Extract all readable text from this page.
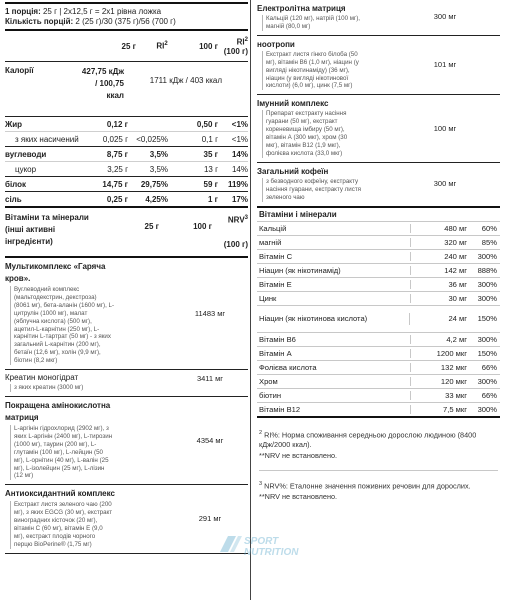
1 порція: 25 г | 2х12,5 г = 2х1 рівна ложка
Кількість порцій: 2 (25 г)/30 (375 г)/56 (700 г)
25 г	$RI^2$	100 г	$RI^2$
(100 г)
Калорії	427,75 кДж / 100,75 ккал
1711 кДж / 403 ккал
Жир	0,12 г	0,50 г	<1%
з яких насичений	0,025 г	<0,025%	0,1 г	<1%
вуглеводи	8,75 г	3,5%	35 г	14%
цукор	3,25 г	3,5%	13 г	14%
білок	14,75 г	29,75%	59 г	119%
сіль	0,25 г	4,25%	1 г	17%
Вітаміни та мінерали (інші активні інгредієнти)
25 г	100 г
NRV$^3$

(100 г)
Мультикомплекс «Гаряча кров».
Вуглеводний комплекс (мальтодекстрин, декстроза) (8061 мг), бета-аланін (1600 мг), L-цитрулін (1000 мг), малат (яблучна кислота) (500 мг), ацетил-L-карнітин (250 мг), L-карнітин L-тартрат (50 мг) - з яких загальний L-карнітин (200 мг), бетаїн (12,6 мг), холін (9,9 мг), біотин (8,2 мкг)
11483 мг
Креатин моногідрат	3411 мг
з яких креатин (3000 мг)
Покращена амінокислотна матриця
L-аргінін гідрохлорид (2902 мг), з яких L-аргінін (2400 мг), L-тирозин (1000 мг), таурин (200 мг), L-глутамін (100 мг), L-лейцин (50 мг), L-орнітин (40 мг), L-валін (25 мг), L-ізолейцин (25 мг), L-лізин (12 мг)
4354 мг
Антиоксидантний комплекс
Екстракт листя зеленого чаю (200 мг), з яких EGCG (30 мг), екстракт виноградних кісточок (20 мг), вітамін С (60 мг), вітамін Е (9,0 мг), екстракт плодів чорного перцю BioPerine® (1,75 мг)
291 мг
Електролітна матриця
Кальцій (120 мг), натрій (100 мг), магній (80,0 мг)
300 мг
ноотропи
Екстракт листя гінкго білоба (50 мг), вітамін B6 (1,0 мг), ніацин (у вигляді нікотинаміду) (36 мг), ніацин (у вигляді нікотинової кислоти) (6,0 мг), цинк (7,5 мг)
101 мг
Імунний комплекс
Препарат екстракту насіння гуарани (50 мг), екстракт кореневища імбиру (50 мг), вітамін А (300 мкг), хром (30 мкг), вітамін B12 (1,9 мкг), фолієва кислота (33,0 мкг)
100 мг
Загальний кофеїн
з безводного кофеїну, екстракту насіння гуарани, екстракту листя зеленого чаю
300 мг
Вітаміни і мінерали
Кальцій	480 мг	60%
магній	320 мг	85%
Вітамін С	240 мг	300%
Ніацин (як нікотинамід)	142 мг	888%
Вітамін Е	36 мг	300%
Цинк	30 мг	300%
Ніацин (як нікотинова кислота)	24 мг	150%
Вітамін B6	4,2 мг	300%
Вітамін А	1200 мкг	150%
Фолієва кислота	132 мкг	66%
Хром	120 мкг	300%
біотин	33 мкг	66%
Вітамін B12	7,5 мкг	300%
$^2$ RI%: Норма споживання середньою дорослою людиною (8400 кДж/2000 ккал).
**NRV не встановлено.
$^3$ NRV%: Еталонне значення поживних речовин для дорослих.
**NRV не встановлено.
SPORT
NUTRITION
